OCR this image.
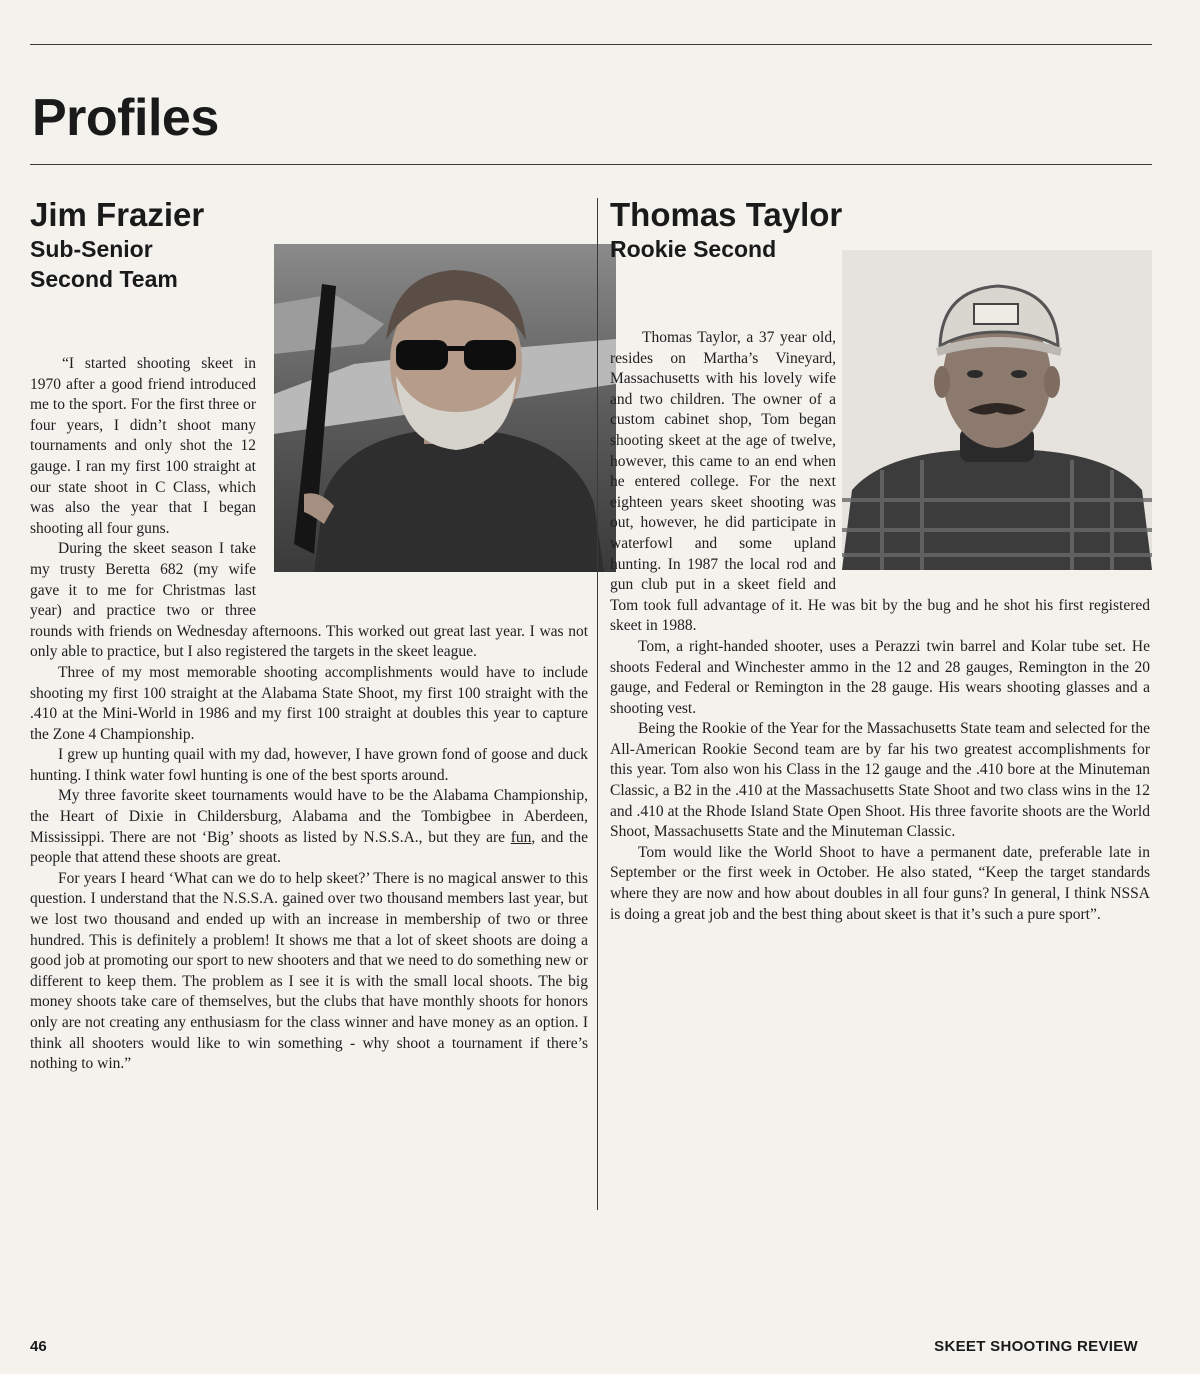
Profiles
Jim Frazier
Sub-Senior
Second Team

“I started shooting skeet in 1970 after a good friend introduced me to the sport. For the first three or four years, I didn’t shoot many tournaments and only shot the 12 gauge. I ran my first 100 straight at our state shoot in C Class, which was also the year that I began shooting all four guns.

During the skeet season I take my trusty Beretta 682 (my wife gave it to me for Christmas last year) and practice two or three rounds with friends on Wednesday afternoons. This worked out great last year. I was not only able to practice, but I also registered the targets in the skeet league.

Three of my most memorable shooting accomplishments would have to include shooting my first 100 straight at the Alabama State Shoot, my first 100 straight with the .410 at the Mini-World in 1986 and my first 100 straight at doubles this year to capture the Zone 4 Championship.

I grew up hunting quail with my dad, however, I have grown fond of goose and duck hunting. I think water fowl hunting is one of the best sports around.

My three favorite skeet tournaments would have to be the Alabama Championship, the Heart of Dixie in Childersburg, Alabama and the Tombigbee in Aberdeen, Mississippi. There are not ‘Big’ shoots as listed by N.S.S.A., but they are fun, and the people that attend these shoots are great.

For years I heard ‘What can we do to help skeet?’ There is no magical answer to this question. I understand that the N.S.S.A. gained over two thousand members last year, but we lost two thousand and ended up with an increase in membership of two or three hundred. This is definitely a problem! It shows me that a lot of skeet shoots are doing a good job at promoting our sport to new shooters and that we need to do something new or different to keep them. The problem as I see it is with the small local shoots. The big money shoots take care of themselves, but the clubs that have monthly shoots for honors only are not creating any enthusiasm for the class winner and have money as an option. I think all shooters would like to win something - why shoot a tournament if there’s nothing to win.”

Thomas Taylor
Rookie Second

Thomas Taylor, a 37 year old, resides on Martha’s Vineyard, Massachusetts with his lovely wife and two children. The owner of a custom cabinet shop, Tom began shooting skeet at the age of twelve, however, this came to an end when he entered college. For the next eighteen years skeet shooting was out, however, he did participate in waterfowl and some upland hunting. In 1987 the local rod and gun club put in a skeet field and Tom took full advantage of it. He was bit by the bug and he shot his first registered skeet in 1988.

Tom, a right-handed shooter, uses a Perazzi twin barrel and Kolar tube set. He shoots Federal and Winchester ammo in the 12 and 28 gauges, Remington in the 20 gauge, and Federal or Remington in the 28 gauge. His wears shooting glasses and a shooting vest.

Being the Rookie of the Year for the Massachusetts State team and selected for the All-American Rookie Second team are by far his two greatest accomplishments for this year. Tom also won his Class in the 12 gauge and the .410 bore at the Minuteman Classic, a B2 in the .410 at the Massachusetts State Shoot and two class wins in the 12 and .410 at the Rhode Island State Open Shoot. His three favorite shoots are the World Shoot, Massachusetts State and the Minuteman Classic.

Tom would like the World Shoot to have a permanent date, preferable late in September or the first week in October. He also stated, “Keep the target standards where they are now and how about doubles in all four guns? In general, I think NSSA is doing a great job and the best thing about skeet is that it’s such a pure sport”.

46	SKEET SHOOTING REVIEW
